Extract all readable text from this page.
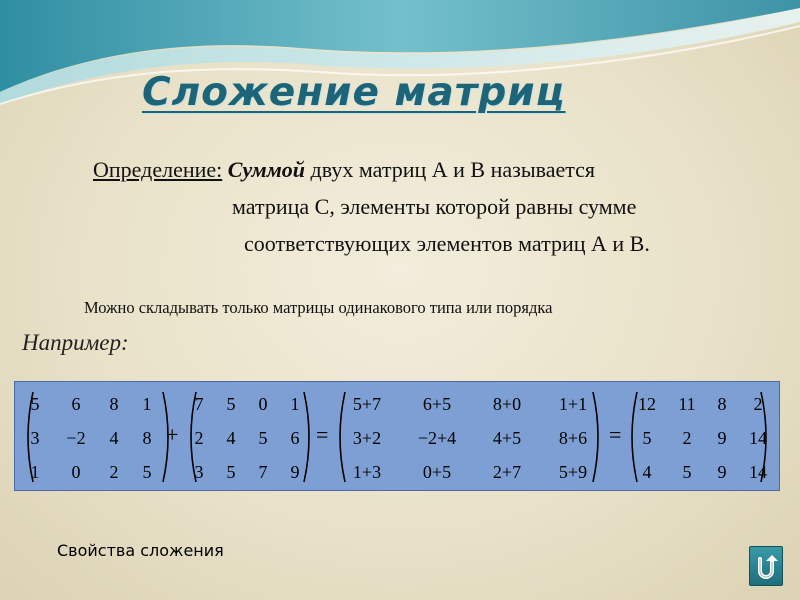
Сложение матриц
Определение: Суммой двух матриц А и В называется
матрица С, элементы которой равны сумме
соответствующих элементов матриц А и В.
Можно складывать только матрицы одинакового типа или порядка
Например:
+	=	=
5	6	8	1
3	−2	4	8
1	0	2	5
7	5	0	1
2	4	5	6
3	5	7	9
5+7	6+5	8+0	1+1
3+2	−2+4	4+5	8+6
1+3	0+5	2+7	5+9
12	11	8	2
5	2	9	14
4	5	9	14
Свойства сложения
